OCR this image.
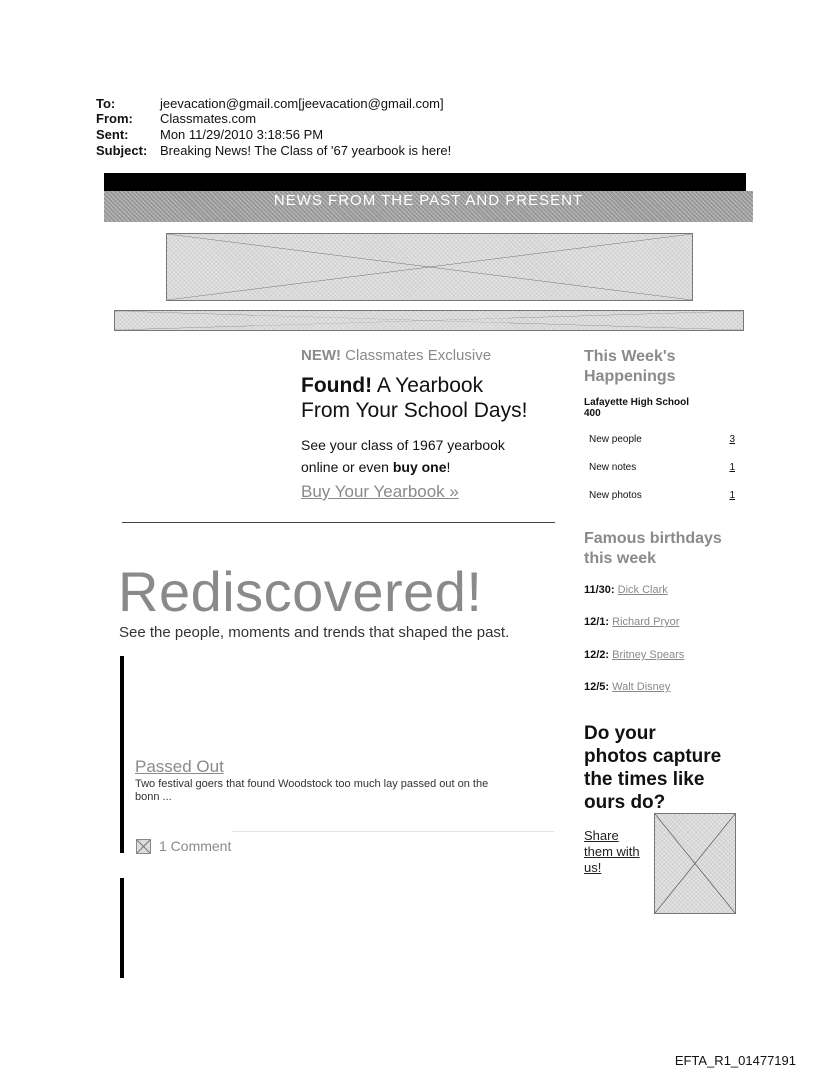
To:	jeevacation@gmail.com[jeevacation@gmail.com]
From: Classmates.com
Sent: Mon 11/29/2010 3:18:56 PM
Subject: Breaking News! The Class of '67 yearbook is here!
NEWS FROM THE PAST AND PRESENT
NEW! Classmates Exclusive
Found! A Yearbook
From Your School Days!
See your class of 1967 yearbook
online or even buy one!
Buy Your Yearbook »
Rediscovered!
See the people, moments and trends that shaped the past.
Passed Out
Two festival goers that found Woodstock too much lay passed out on the
bonn ...
1 Comment
This Week's
Happenings
Lafayette High School
400
New people	3
New notes	1
New photos	1
Famous birthdays
this week
11/30: Dick Clark
12/1: Richard Pryor
12/2: Britney Spears
12/5: Walt Disney
Do your
photos capture
the times like
ours do?
Share
them with
us!
EFTA_R1_01477191
